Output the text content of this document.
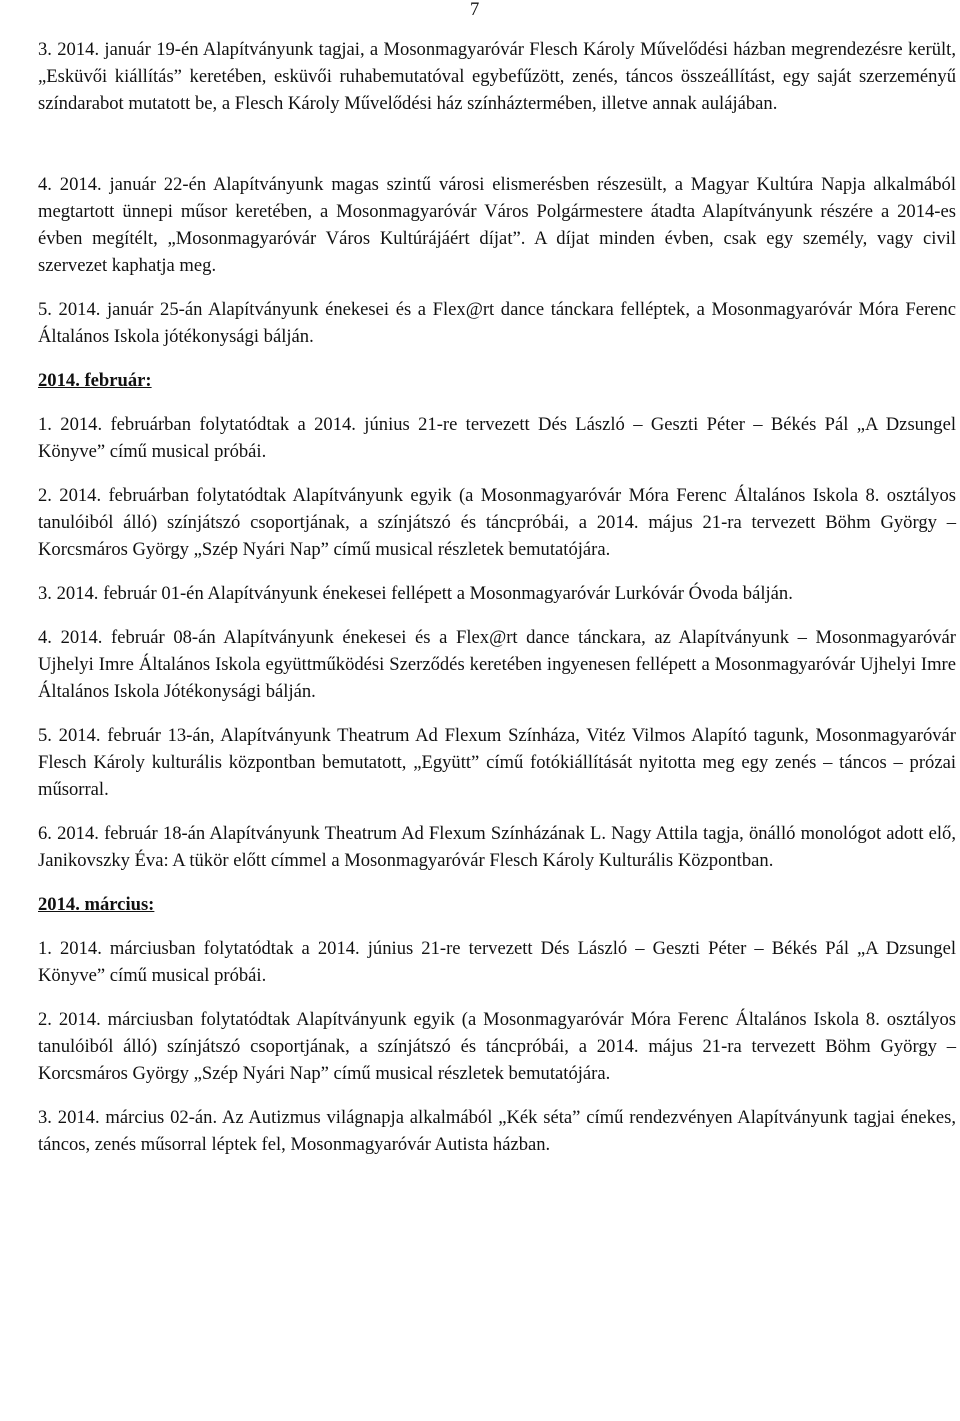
7

3. 2014. január 19-én Alapítványunk tagjai, a Mosonmagyaróvár Flesch Károly Művelődési házban megrendezésre került, „Esküvői kiállítás” keretében, esküvői ruhabemutatóval egybefűzött, zenés, táncos összeállítást, egy saját szerzeményű színdarabot mutatott be, a Flesch Károly Művelődési ház színháztermében, illetve annak aulájában.

4. 2014. január 22-én Alapítványunk magas szintű városi elismerésben részesült, a Magyar Kultúra Napja alkalmából megtartott ünnepi műsor keretében, a Mosonmagyaróvár Város Polgármestere átadta Alapítványunk részére a 2014-es évben megítélt, „Mosonmagyaróvár Város Kultúrájáért díjat”. A díjat minden évben, csak egy személy, vagy civil szervezet kaphatja meg.

5. 2014. január 25-án Alapítványunk énekesei és a Flex@rt dance tánckara felléptek, a Mosonmagyaróvár Móra Ferenc Általános Iskola jótékonysági bálján.

2014. február:

1. 2014. februárban folytatódtak a 2014. június 21-re tervezett Dés László – Geszti Péter – Békés Pál „A Dzsungel Könyve” című musical próbái.

2. 2014. februárban folytatódtak Alapítványunk egyik (a Mosonmagyaróvár Móra Ferenc Általános Iskola 8. osztályos tanulóiból álló) színjátszó csoportjának, a színjátszó és táncpróbái, a 2014. május 21-ra tervezett Böhm György – Korcsmáros György „Szép Nyári Nap” című musical részletek bemutatójára.

3. 2014. február 01-én Alapítványunk énekesei fellépett a Mosonmagyaróvár Lurkóvár Óvoda bálján.

4. 2014. február 08-án Alapítványunk énekesei és a Flex@rt dance tánckara, az Alapítványunk – Mosonmagyaróvár Ujhelyi Imre Általános Iskola együttműködési Szerződés keretében ingyenesen fellépett a Mosonmagyaróvár Ujhelyi Imre Általános Iskola Jótékonysági bálján.

5. 2014. február 13-án, Alapítványunk Theatrum Ad Flexum Színháza, Vitéz Vilmos Alapító tagunk, Mosonmagyaróvár Flesch Károly kulturális központban bemutatott, „Együtt” című fotókiállítását nyitotta meg egy zenés – táncos – prózai műsorral.

6. 2014. február 18-án Alapítványunk Theatrum Ad Flexum Színházának L. Nagy Attila tagja, önálló monológot adott elő, Janikovszky Éva: A tükör előtt címmel a Mosonmagyaróvár Flesch Károly Kulturális Központban.

2014. március:

1. 2014. márciusban folytatódtak a 2014. június 21-re tervezett Dés László – Geszti Péter – Békés Pál „A Dzsungel Könyve” című musical próbái.

2. 2014. márciusban folytatódtak Alapítványunk egyik (a Mosonmagyaróvár Móra Ferenc Általános Iskola 8. osztályos tanulóiból álló) színjátszó csoportjának, a színjátszó és táncpróbái, a 2014. május 21-ra tervezett Böhm György – Korcsmáros György „Szép Nyári Nap” című musical részletek bemutatójára.

3. 2014. március 02-án. Az Autizmus világnapja alkalmából „Kék séta” című rendezvényen Alapítványunk tagjai énekes, táncos, zenés műsorral léptek fel, Mosonmagyaróvár Autista házban.
